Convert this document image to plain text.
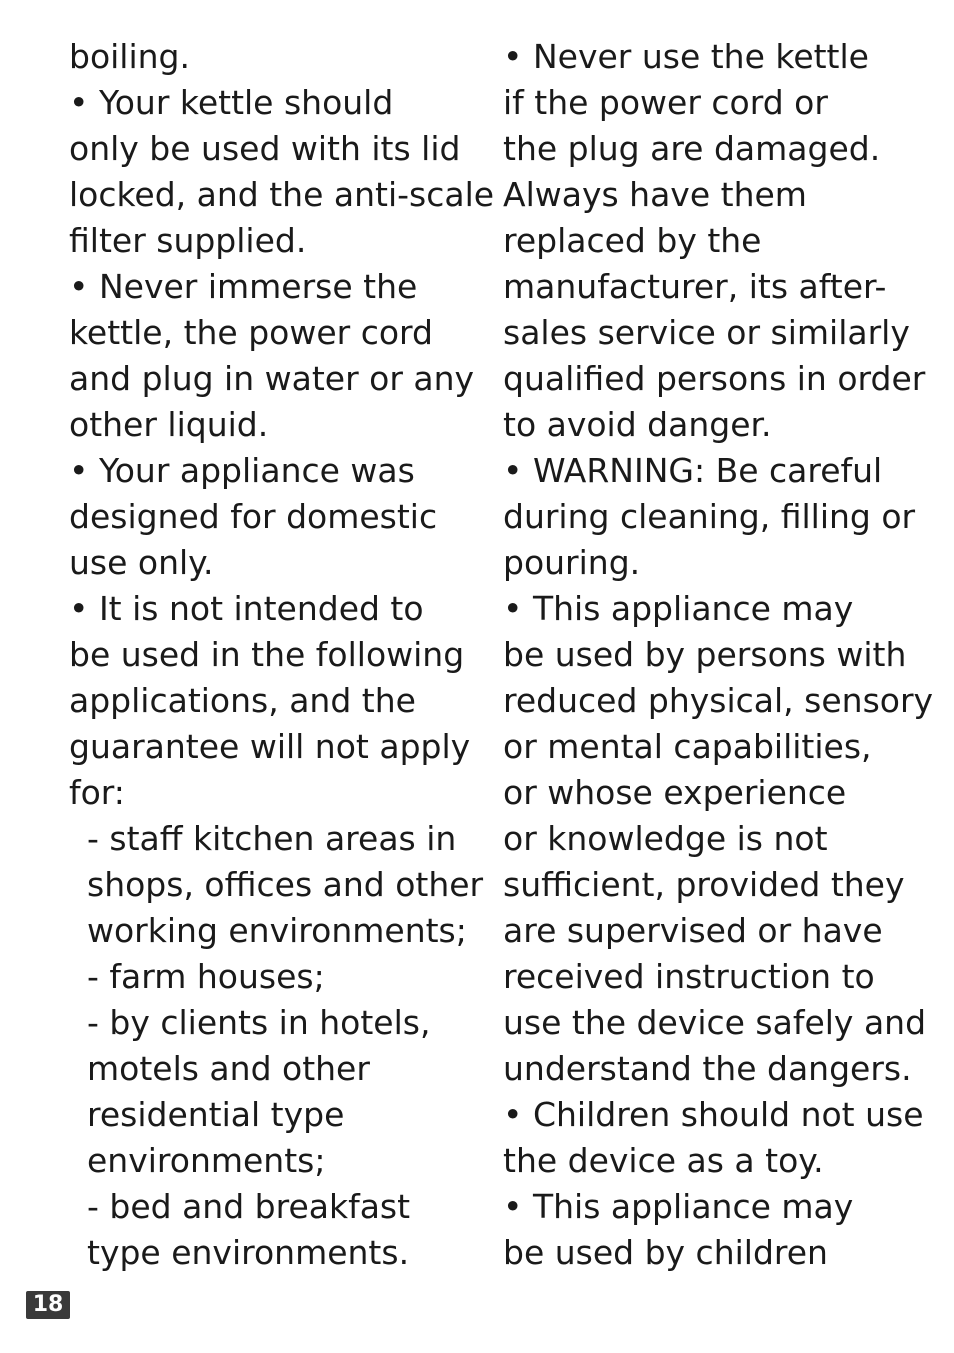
boiling.
• Your kettle should
only be used with its lid
locked, and the anti-scale
filter supplied.
• Never immerse the
kettle, the power cord
and plug in water or any
other liquid.
• Your appliance was
designed for domestic
use only.
• It is not intended to
be used in the following
applications, and the
guarantee will not apply
for:
- staff kitchen areas in
shops, offices and other
working environments;
- farm houses;
- by clients in hotels,
motels and other
residential type
environments;
- bed and breakfast
type environments.
• Never use the kettle
if the power cord or
the plug are damaged.
Always have them
replaced by the
manufacturer, its after-
sales service or similarly
qualified persons in order
to avoid danger.
• WARNING: Be careful
during cleaning, filling or
pouring.
• This appliance may
be used by persons with
reduced physical, sensory
or mental capabilities,
or whose experience
or knowledge is not
sufficient, provided they
are supervised or have
received instruction to
use the device safely and
understand the dangers.
• Children should not use
the device as a toy.
• This appliance may
be used by children
18
